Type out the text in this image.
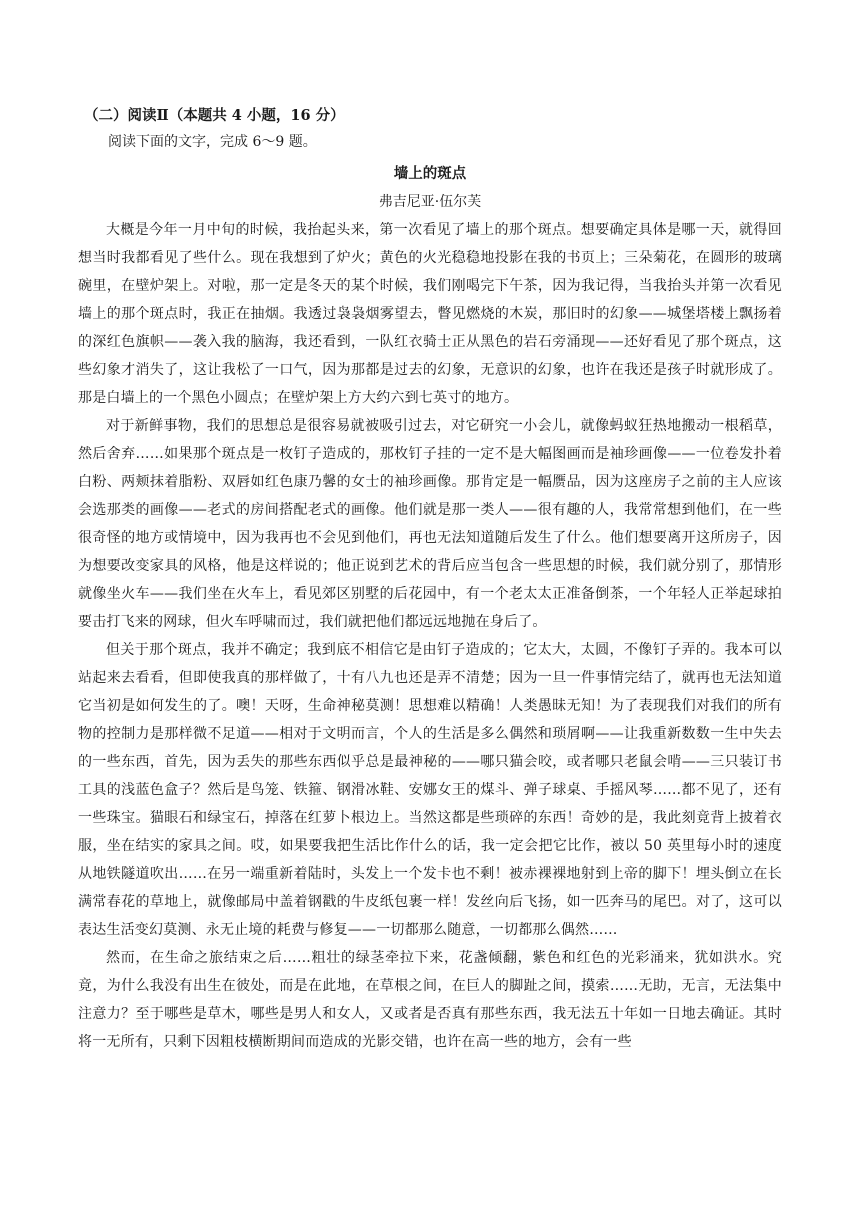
（二）阅读Ⅱ（本题共 4 小题，16 分）

阅读下面的文字，完成 6～9 题。

墙上的斑点
弗吉尼亚·伍尔芙

大概是今年一月中旬的时候，我抬起头来，第一次看见了墙上的那个斑点。想要确定具体是哪一天，就得回想当时我都看见了些什么。现在我想到了炉火；黄色的火光稳稳地投影在我的书页上；三朵菊花，在圆形的玻璃碗里，在壁炉架上。对啦，那一定是冬天的某个时候，我们刚喝完下午茶，因为我记得，当我抬头并第一次看见墙上的那个斑点时，我正在抽烟。我透过袅袅烟雾望去，瞥见燃烧的木炭，那旧时的幻象——城堡塔楼上飘扬着的深红色旗帜——袭入我的脑海，我还看到，一队红衣骑士正从黑色的岩石旁涌现——还好看见了那个斑点，这些幻象才消失了，这让我松了一口气，因为那都是过去的幻象，无意识的幻象，也许在我还是孩子时就形成了。那是白墙上的一个黑色小圆点；在壁炉架上方大约六到七英寸的地方。

对于新鲜事物，我们的思想总是很容易就被吸引过去，对它研究一小会儿，就像蚂蚁狂热地搬动一根稻草，然后舍弃……如果那个斑点是一枚钉子造成的，那枚钉子挂的一定不是大幅图画而是袖珍画像——一位卷发扑着白粉、两颊抹着脂粉、双唇如红色康乃馨的女士的袖珍画像。那肯定是一幅赝品，因为这座房子之前的主人应该会选那类的画像——老式的房间搭配老式的画像。他们就是那一类人——很有趣的人，我常常想到他们，在一些很奇怪的地方或情境中，因为我再也不会见到他们，再也无法知道随后发生了什么。他们想要离开这所房子，因为想要改变家具的风格，他是这样说的；他正说到艺术的背后应当包含一些思想的时候，我们就分别了，那情形就像坐火车——我们坐在火车上，看见郊区别墅的后花园中，有一个老太太正准备倒茶，一个年轻人正举起球拍要击打飞来的网球，但火车呼啸而过，我们就把他们都远远地抛在身后了。

但关于那个斑点，我并不确定；我到底不相信它是由钉子造成的；它太大，太圆，不像钉子弄的。我本可以站起来去看看，但即使我真的那样做了，十有八九也还是弄不清楚；因为一旦一件事情完结了，就再也无法知道它当初是如何发生的了。噢！天呀，生命神秘莫测！思想难以精确！人类愚昧无知！为了表现我们对我们的所有物的控制力是那样微不足道——相对于文明而言，个人的生活是多么偶然和琐屑啊——让我重新数数一生中失去的一些东西，首先，因为丢失的那些东西似乎总是最神秘的——哪只猫会咬，或者哪只老鼠会啃——三只装订书工具的浅蓝色盒子？然后是鸟笼、铁箍、钢滑冰鞋、安娜女王的煤斗、弹子球桌、手摇风琴……都不见了，还有一些珠宝。猫眼石和绿宝石，掉落在红萝卜根边上。当然这都是些琐碎的东西！奇妙的是，我此刻竟背上披着衣服，坐在结实的家具之间。哎，如果要我把生活比作什么的话，我一定会把它比作，被以 50 英里每小时的速度从地铁隧道吹出……在另一端重新着陆时，头发上一个发卡也不剩！被赤裸裸地射到上帝的脚下！埋头倒立在长满常春花的草地上，就像邮局中盖着钢戳的牛皮纸包裹一样！发丝向后飞扬，如一匹奔马的尾巴。对了，这可以表达生活变幻莫测、永无止境的耗费与修复——一切都那么随意，一切都那么偶然……

然而，在生命之旅结束之后……粗壮的绿茎牵拉下来，花盏倾翻，紫色和红色的光彩涌来，犹如洪水。究竟，为什么我没有出生在彼处，而是在此地，在草根之间，在巨人的脚趾之间，摸索……无助，无言，无法集中注意力？至于哪些是草木，哪些是男人和女人，又或者是否真有那些东西，我无法五十年如一日地去确证。其时将一无所有，只剩下因粗枝横断期间而造成的光影交错，也许在高一些的地方，会有一些
